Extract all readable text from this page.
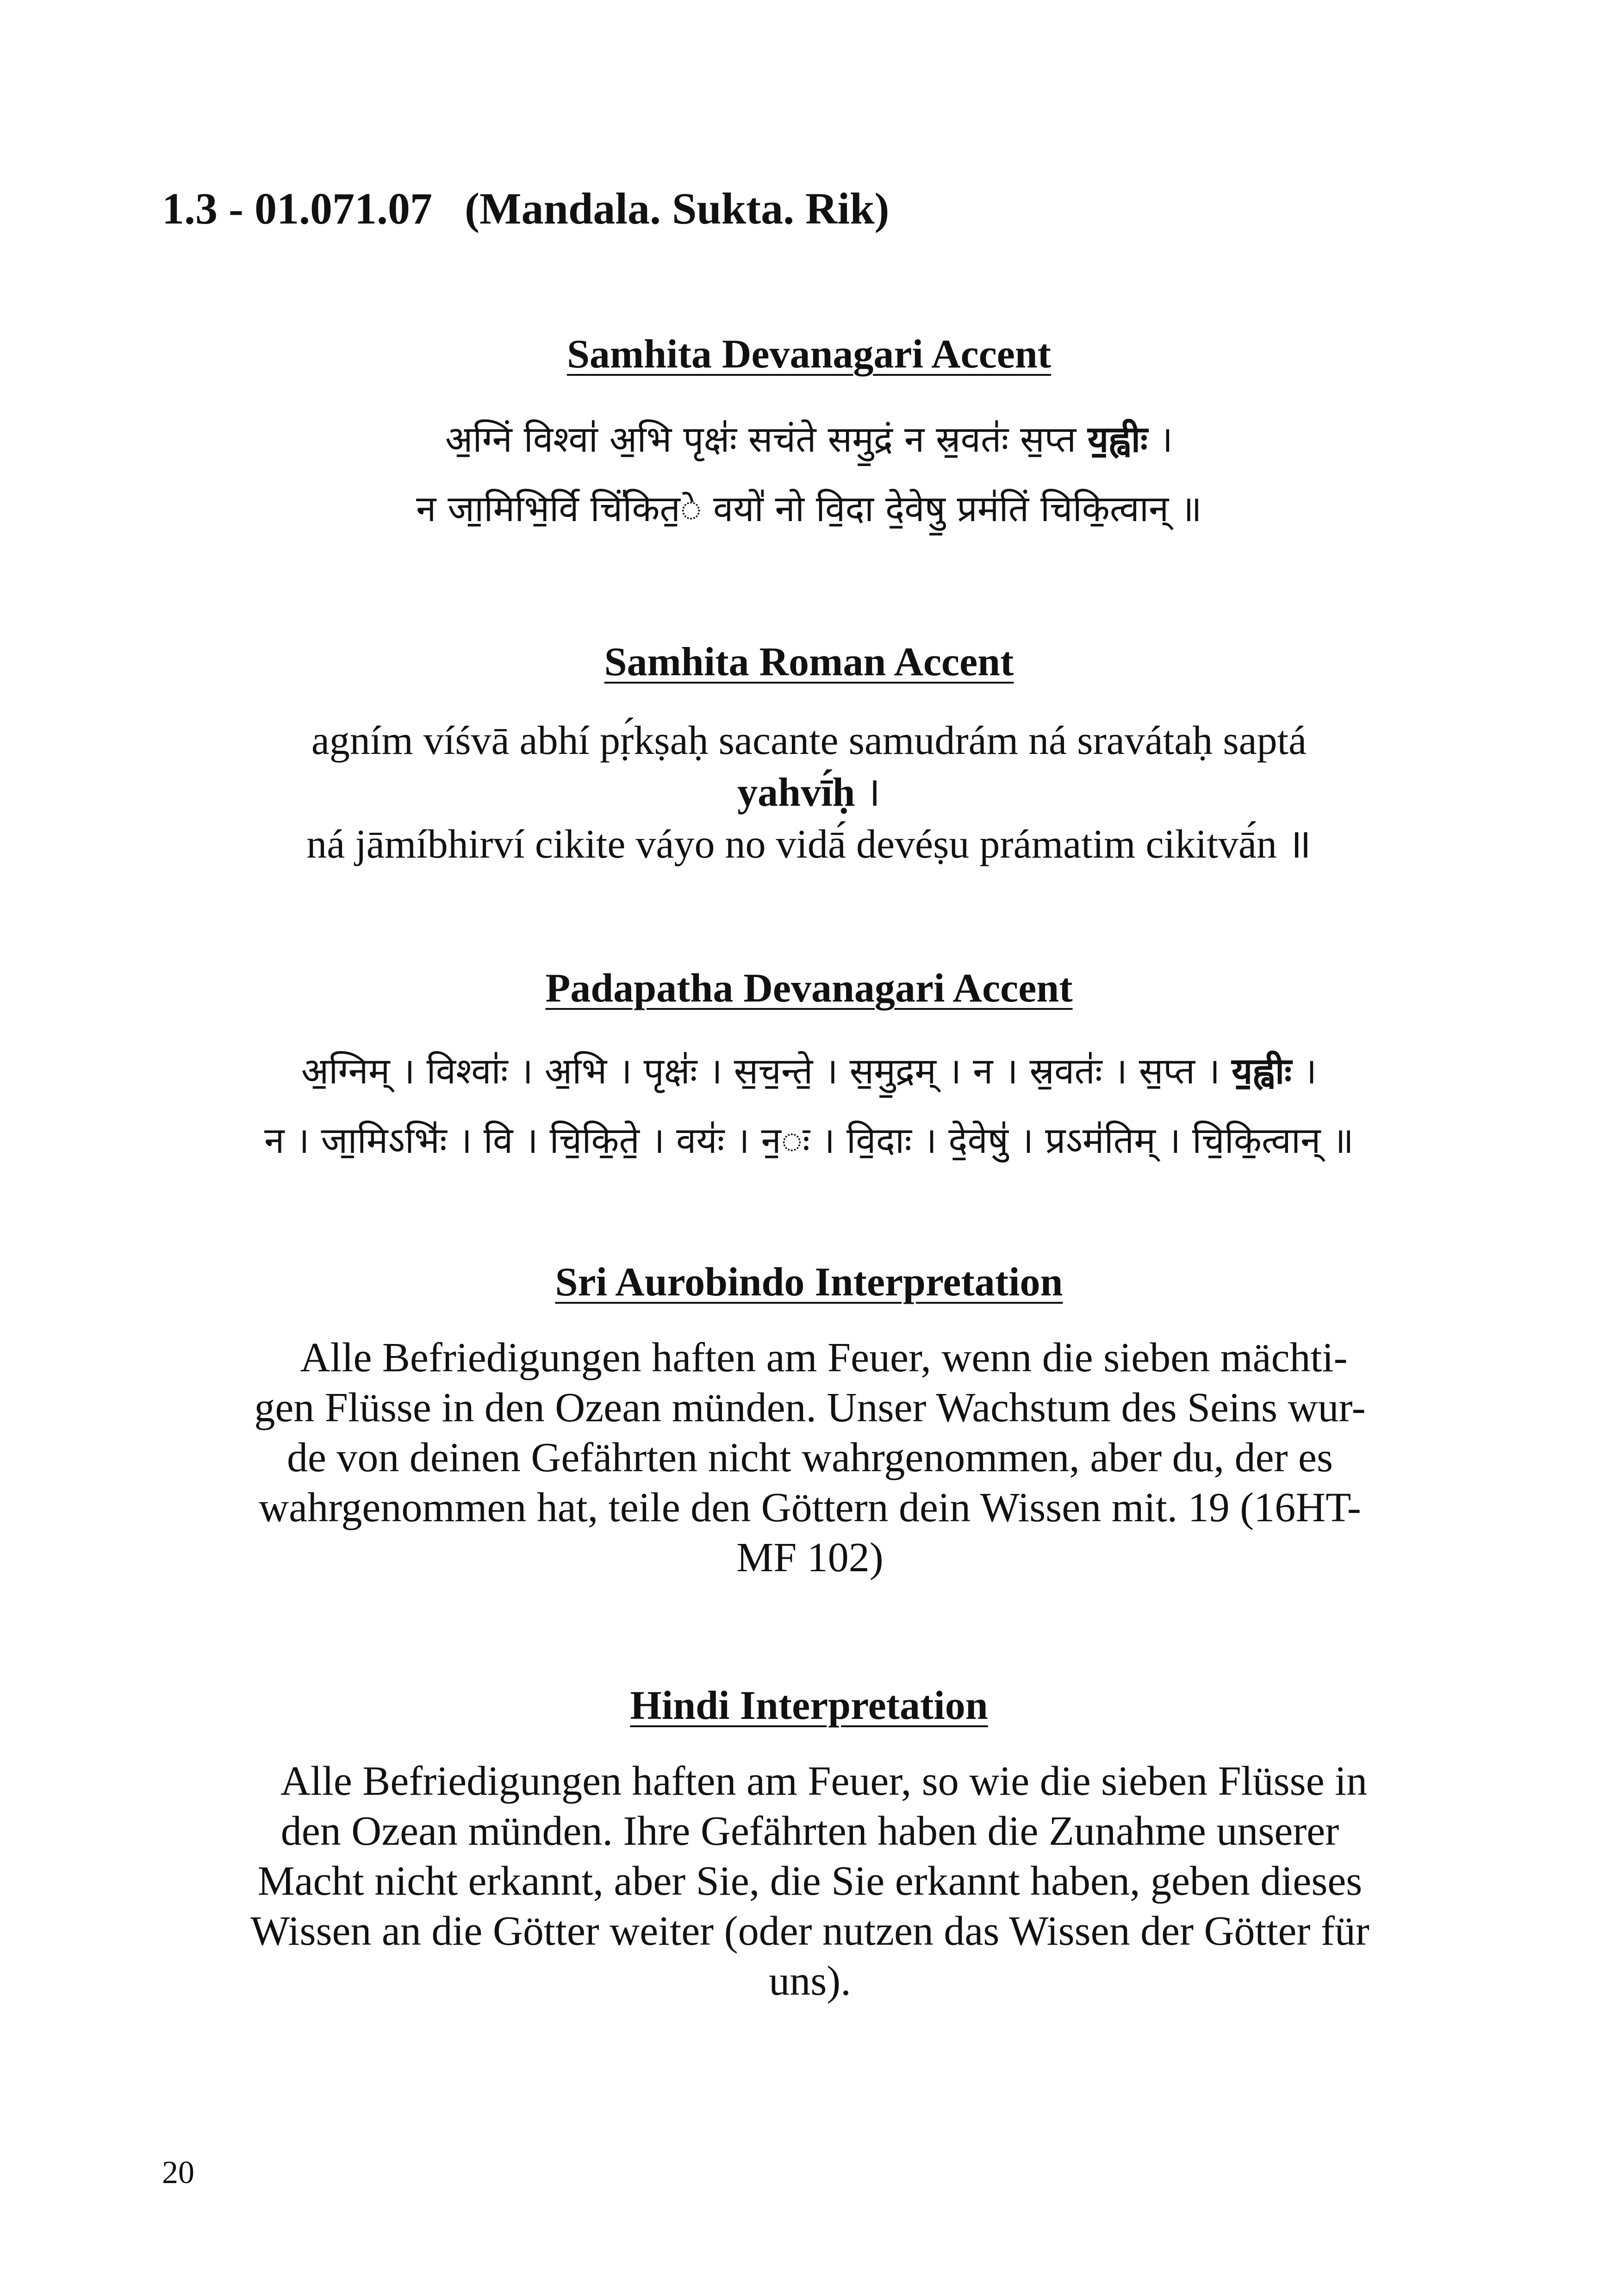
1.3 - 01.071.07 (Mandala. Sukta. Rik)
Samhita Devanagari Accent
अ॒ग्निं विश्वा॑ अ॒भि पृक्षः॑ सचंते समु॒द्रं न स्र॒वतः॑ स॒प्त य॒ह्वीः ।
न जा॒मिभि॒र्वि चिं॑कित॒े वयो॑ नो वि॒दा दे॒वेषु॒ प्रम॑तिं चिकि॒त्वान् ॥
Samhita Roman Accent
agním víśvā abhí pṛ́kṣaḥ sacante samudrám ná sravátaḥ saptá
yahvī́ḥ ।
ná jāmíbhirví cikite váyo no vidā́ devéṣu prámatim cikitvā́n ॥
Padapatha Devanagari Accent
अ॒ग्निम् । विश्वाः॑ । अ॒भि । पृक्षः॑ । स॒च॒न्ते॒ । स॒मु॒द्रम् । न । स्र॒वतः॑ । स॒प्त । य॒ह्वीः ।
न । जा॒मिऽभिः॑ । वि । चि॒कि॒ते॒ । वयः॑ । न॒ः । वि॒दाः । दे॒वेषु॑ । प्रऽम॑तिम् । चि॒कि॒त्वान् ॥
Sri Aurobindo Interpretation
Alle Befriedigungen haften am Feuer, wenn die sieben mächti-
gen Flüsse in den Ozean münden. Unser Wachstum des Seins wur-
de von deinen Gefährten nicht wahrgenommen, aber du, der es
wahrgenommen hat, teile den Göttern dein Wissen mit. 19 (16HT-
MF 102)
Hindi Interpretation
Alle Befriedigungen haften am Feuer, so wie die sieben Flüsse in
den Ozean münden. Ihre Gefährten haben die Zunahme unserer
Macht nicht erkannt, aber Sie, die Sie erkannt haben, geben dieses
Wissen an die Götter weiter (oder nutzen das Wissen der Götter für
uns).
20
